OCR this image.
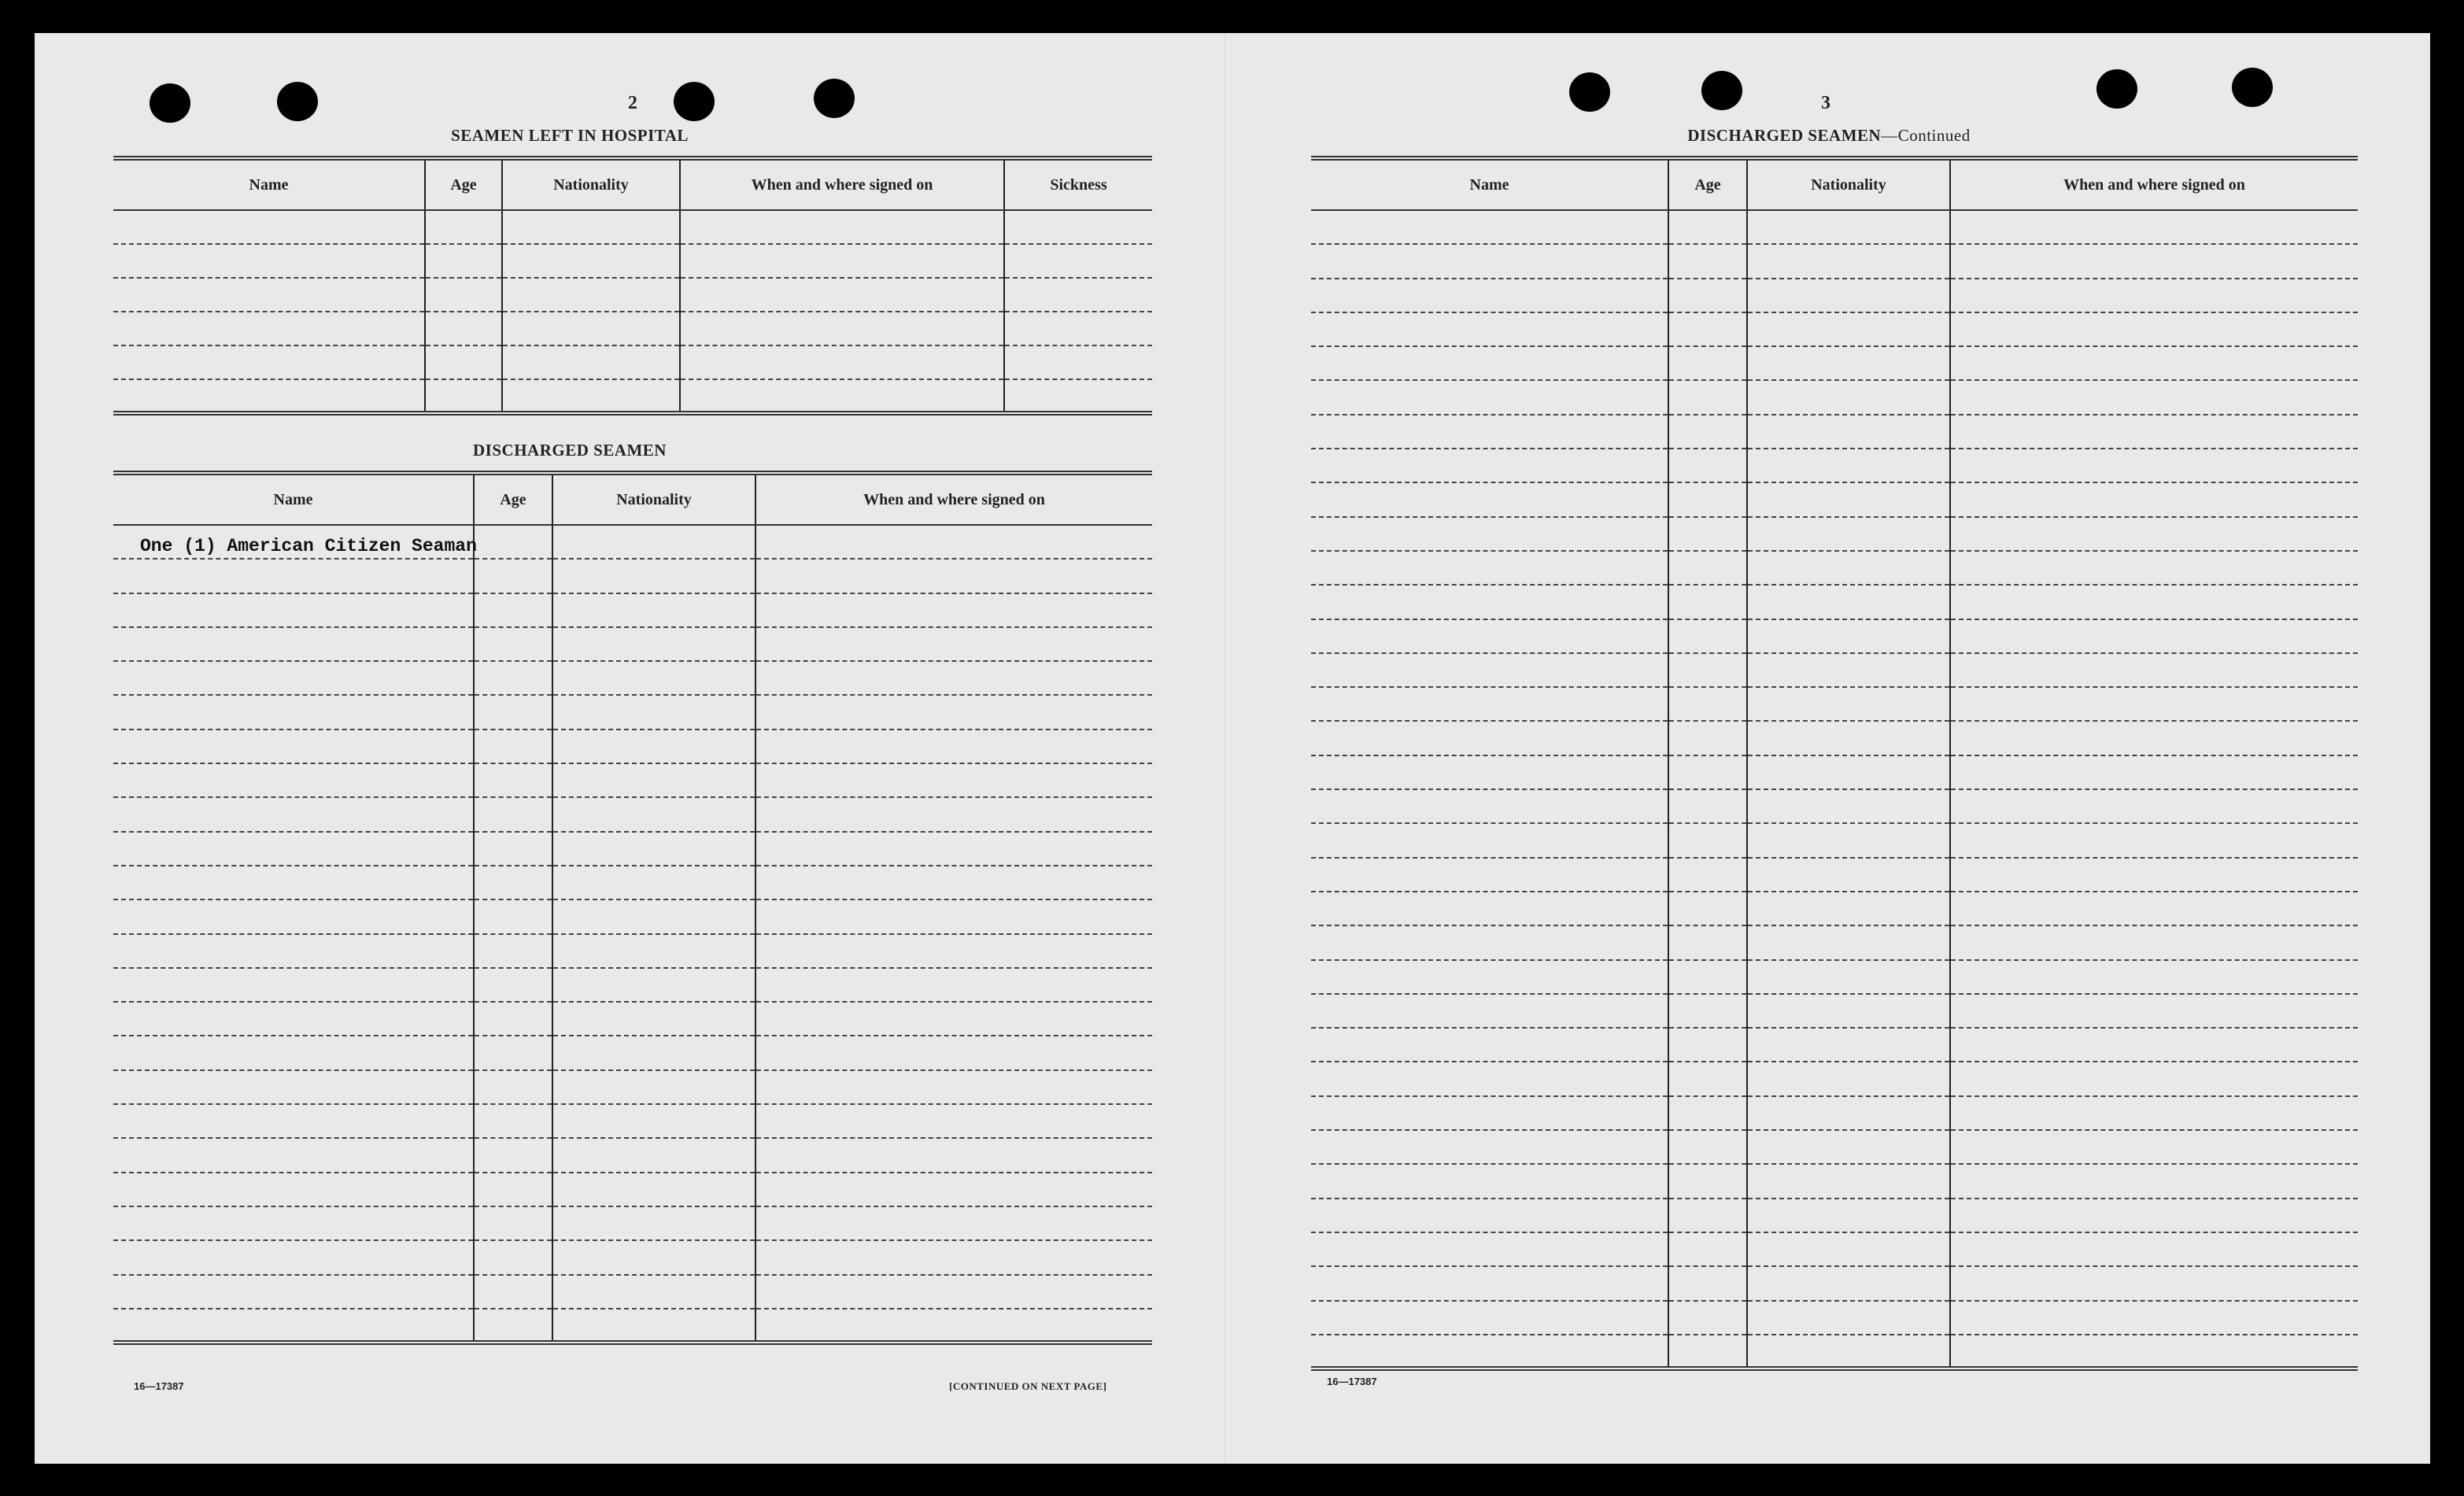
2
SEAMEN LEFT IN HOSPITAL
Name	Age	Nationality	When and where signed on	Sickness

DISCHARGED SEAMEN
Name	Age	Nationality	When and where signed on
One (1) American Citizen Seaman			

16—17387	[CONTINUED ON NEXT PAGE]
3
DISCHARGED SEAMEN—Continued
Name	Age	Nationality	When and where signed on

16—17387
